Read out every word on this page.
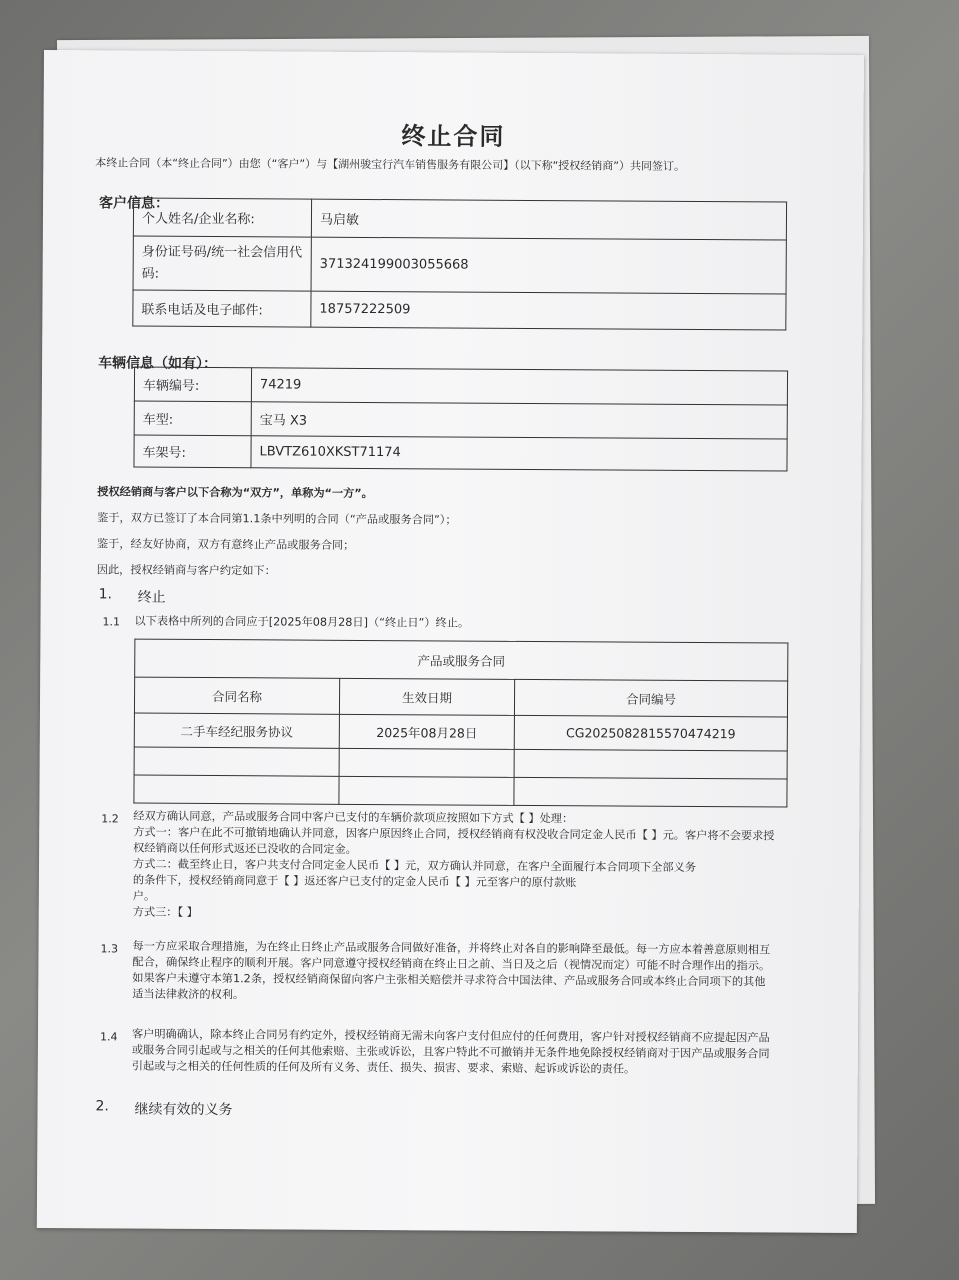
终止合同
本终止合同（本“终止合同”）由您（“客户”）与【湖州骏宝行汽车销售服务有限公司】（以下称“授权经销商”）共同签订。
客户信息：
个人姓名/企业名称:	马启敏
身份证号码/统一社会信用代码:	371324199003055668
联系电话及电子邮件:	18757222509
车辆信息（如有）：
车辆编号:	74219
车型:	宝马 X3
车架号:	LBVTZ610XKST71174
授权经销商与客户以下合称为“双方”，单称为“一方”。
鉴于，双方已签订了本合同第1.1条中列明的合同（“产品或服务合同”）；
鉴于，经友好协商，双方有意终止产品或服务合同；
因此，授权经销商与客户约定如下：
1. 终止
1.1 以下表格中所列的合同应于[2025年08月28日]（“终止日”）终止。
产品或服务合同		
合同名称	生效日期	合同编号
二手车经纪服务协议	2025年08月28日	CG2025082815570474219

1.2 经双方确认同意，产品或服务合同中客户已支付的车辆价款项应按照如下方式【 】处理：
方式一：客户在此不可撤销地确认并同意，因客户原因终止合同，授权经销商有权没收合同定金人民币【 】元。客户将不会要求授
权经销商以任何形式返还已没收的合同定金。
方式二：截至终止日，客户共支付合同定金人民币【 】元，双方确认并同意，在客户全面履行本合同项下全部义务
的条件下，授权经销商同意于【 】返还客户已支付的定金人民币【 】元至客户的原付款账
户。
方式三：【 】
1.3 每一方应采取合理措施，为在终止日终止产品或服务合同做好准备，并将终止对各自的影响降至最低。每一方应本着善意原则相互
配合，确保终止程序的顺利开展。客户同意遵守授权经销商在终止日之前、当日及之后（视情况而定）可能不时合理作出的指示。
如果客户未遵守本第1.2条，授权经销商保留向客户主张相关赔偿并寻求符合中国法律、产品或服务合同或本终止合同项下的其他
适当法律救济的权利。
1.4 客户明确确认，除本终止合同另有约定外，授权经销商无需未向客户支付但应付的任何费用，客户针对授权经销商不应提起因产品
或服务合同引起或与之相关的任何其他索赔、主张或诉讼，且客户特此不可撤销并无条件地免除授权经销商对于因产品或服务合同
引起或与之相关的任何性质的任何及所有义务、责任、损失、损害、要求、索赔、起诉或诉讼的责任。
2. 继续有效的义务
